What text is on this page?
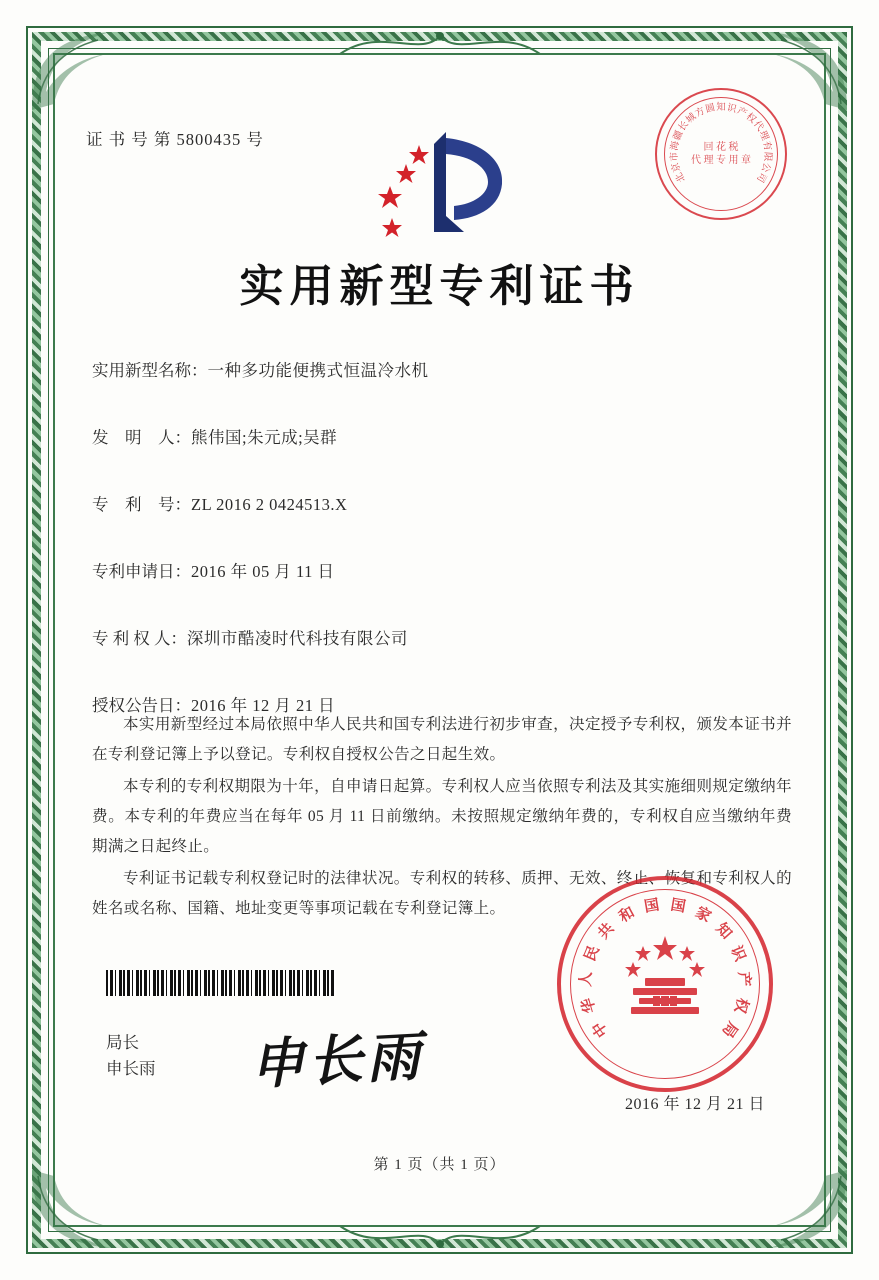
证 书 号 第 5800435 号
北
京
市
海
疆
长
城
方
圆 知 识
产
权
代
理
有
限
公
司
回 花 税
代 理 专 用 章
实用新型专利证书
实用新型名称：一种多功能便携式恒温冷水机
发　明　人：熊伟国;朱元成;吴群
专　利　号：ZL 2016 2 0424513.X
专利申请日：2016 年 05 月 11 日
专 利 权 人：深圳市酷凌时代科技有限公司
授权公告日：2016 年 12 月 21 日

本实用新型经过本局依照中华人民共和国专利法进行初步审查，决定授予专利权，颁发本证书并在专利登记簿上予以登记。专利权自授权公告之日起生效。

本专利的专利权期限为十年，自申请日起算。专利权人应当依照专利法及其实施细则规定缴纳年费。本专利的年费应当在每年 05 月 11 日前缴纳。未按照规定缴纳年费的，专利权自应当缴纳年费期满之日起终止。

专利证书记载专利权登记时的法律状况。专利权的转移、质押、无效、终止、恢复和专利权人的姓名或名称、国籍、地址变更等事项记载在专利登记簿上。

局长
申长雨 申长雨	中
华
人
民
共
和 国 国 家
知
识
产
权
局
2016 年 12 月 21 日
第 1 页（共 1 页）
